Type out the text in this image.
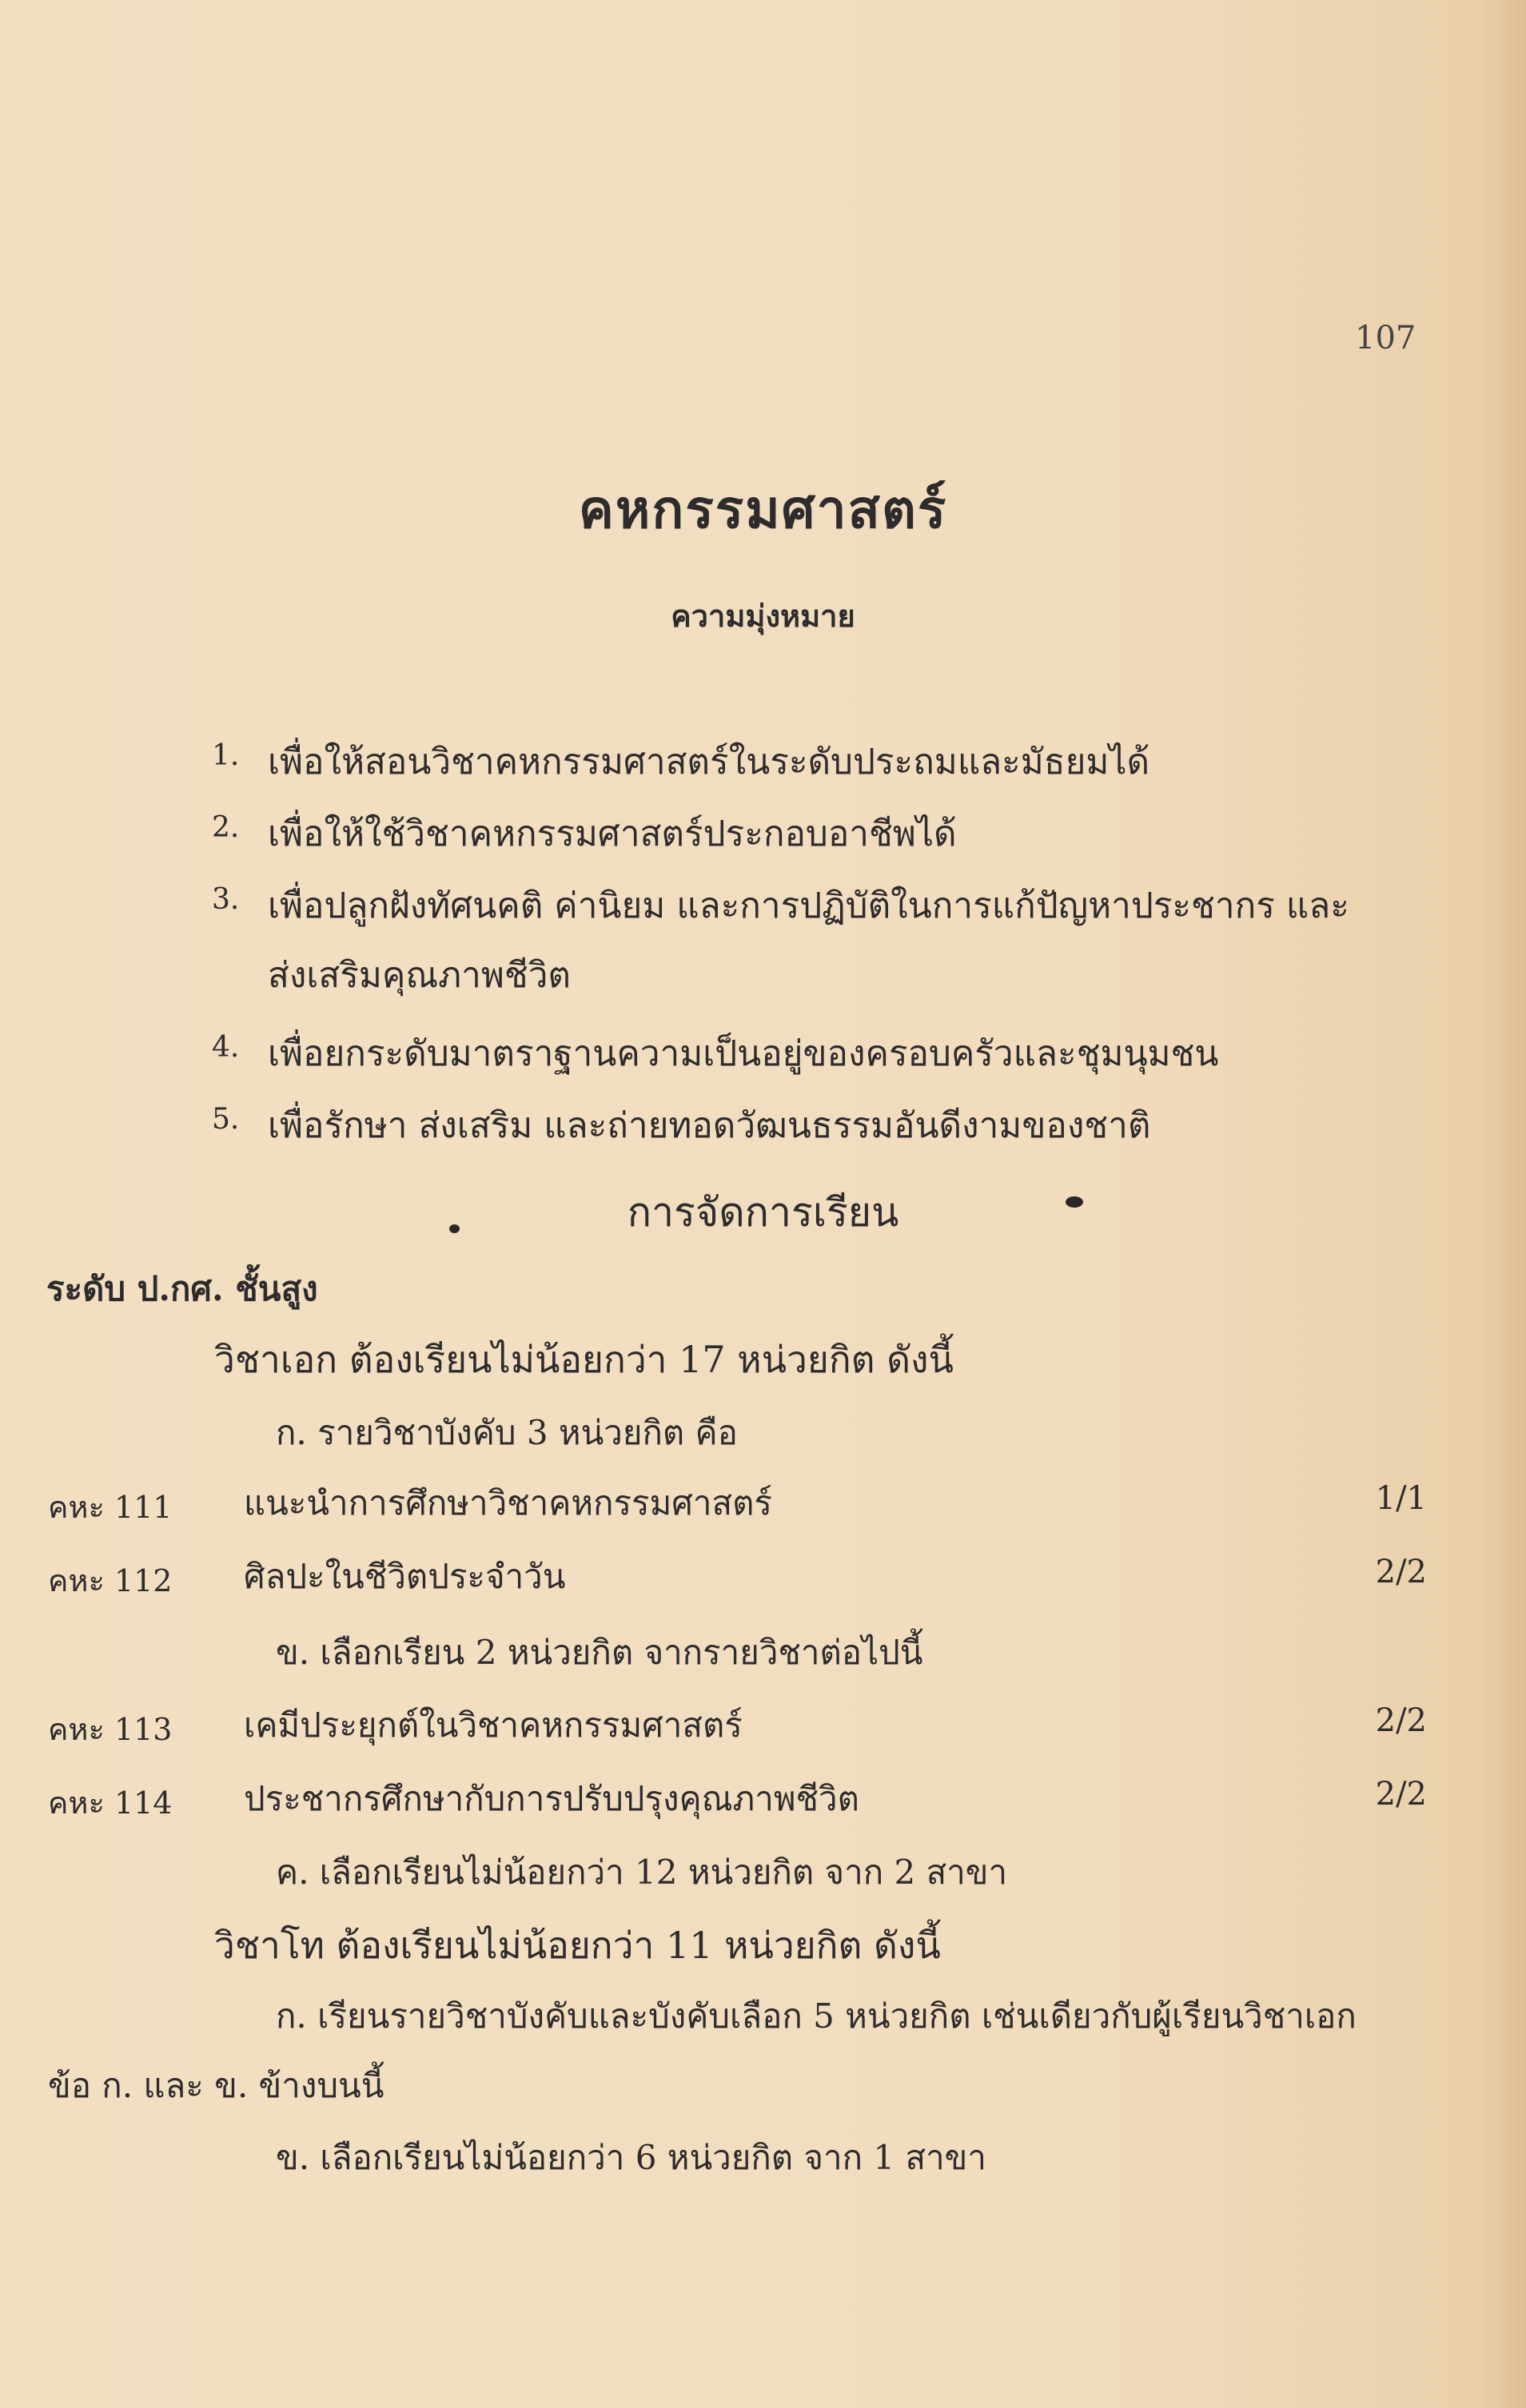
107
คหกรรมศาสตร์
ความมุ่งหมาย
1. เพื่อให้สอนวิชาคหกรรมศาสตร์ในระดับประถมและมัธยมได้
2. เพื่อให้ใช้วิชาคหกรรมศาสตร์ประกอบอาชีพได้
3. เพื่อปลูกฝังทัศนคติ ค่านิยม และการปฏิบัติในการแก้ปัญหาประชากร และ
ส่งเสริมคุณภาพชีวิต
4. เพื่อยกระดับมาตราฐานความเป็นอยู่ของครอบครัวและชุมนุมชน
5. เพื่อรักษา ส่งเสริม และถ่ายทอดวัฒนธรรมอันดีงามของชาติ
การจัดการเรียน
ระดับ ป.กศ. ชั้นสูง
วิชาเอก ต้องเรียนไม่น้อยกว่า 17 หน่วยกิต ดังนี้
ก. รายวิชาบังคับ 3 หน่วยกิต คือ
คหะ 111 แนะนำการศึกษาวิชาคหกรรมศาสตร์	1/1
คหะ 112 ศิลปะในชีวิตประจำวัน	2/2
ข. เลือกเรียน 2 หน่วยกิต จากรายวิชาต่อไปนี้
คหะ 113 เคมีประยุกต์ในวิชาคหกรรมศาสตร์	2/2
คหะ 114 ประชากรศึกษากับการปรับปรุงคุณภาพชีวิต	2/2
ค. เลือกเรียนไม่น้อยกว่า 12 หน่วยกิต จาก 2 สาขา
วิชาโท ต้องเรียนไม่น้อยกว่า 11 หน่วยกิต ดังนี้
ก. เรียนรายวิชาบังคับและบังคับเลือก 5 หน่วยกิต เช่นเดียวกับผู้เรียนวิชาเอก
ข้อ ก. และ ข. ข้างบนนี้
ข. เลือกเรียนไม่น้อยกว่า 6 หน่วยกิต จาก 1 สาขา
